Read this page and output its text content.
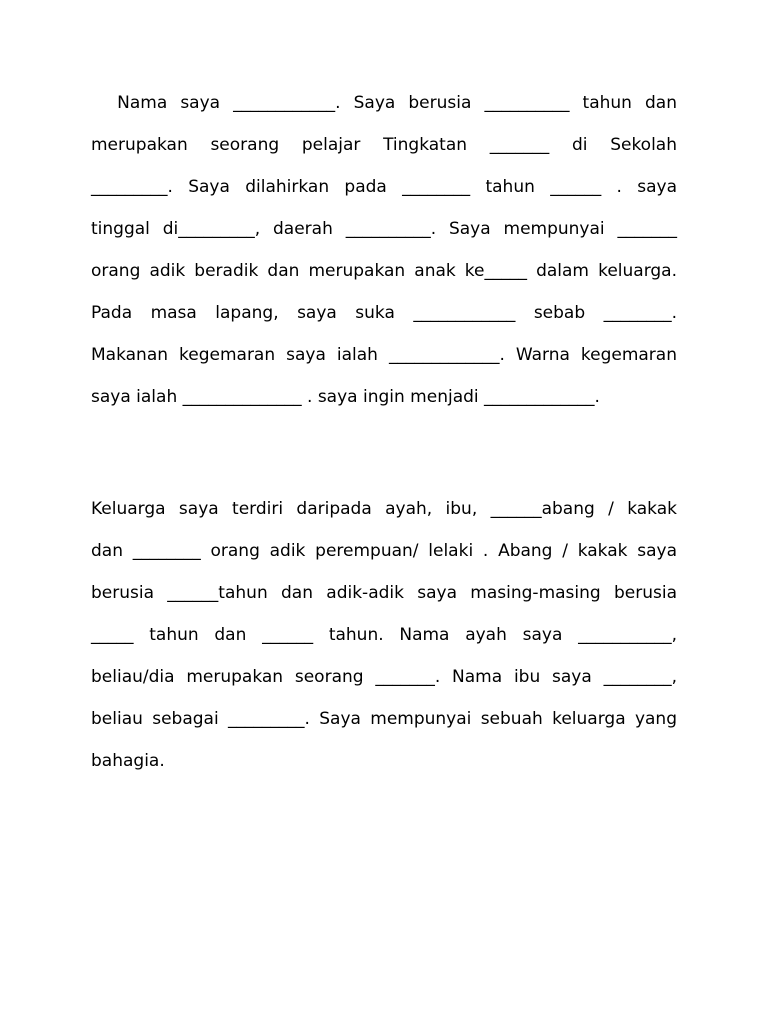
Nama saya ____________. Saya berusia __________ tahun dan
merupakan seorang pelajar Tingkatan _______ di Sekolah
_________. Saya dilahirkan pada ________ tahun ______ . saya
tinggal di_________, daerah __________. Saya mempunyai _______
orang adik beradik dan merupakan anak ke_____ dalam keluarga.
Pada masa lapang, saya suka ____________ sebab ________.
Makanan kegemaran saya ialah _____________. Warna kegemaran
saya ialah ______________ . saya ingin menjadi _____________.
Keluarga saya terdiri daripada ayah, ibu, ______abang / kakak
dan ________ orang adik perempuan/ lelaki . Abang / kakak saya
berusia ______tahun dan adik-adik saya masing-masing berusia
_____ tahun dan ______ tahun. Nama ayah saya ___________,
beliau/dia merupakan seorang _______. Nama ibu saya ________,
beliau sebagai _________. Saya mempunyai sebuah keluarga yang
bahagia.
